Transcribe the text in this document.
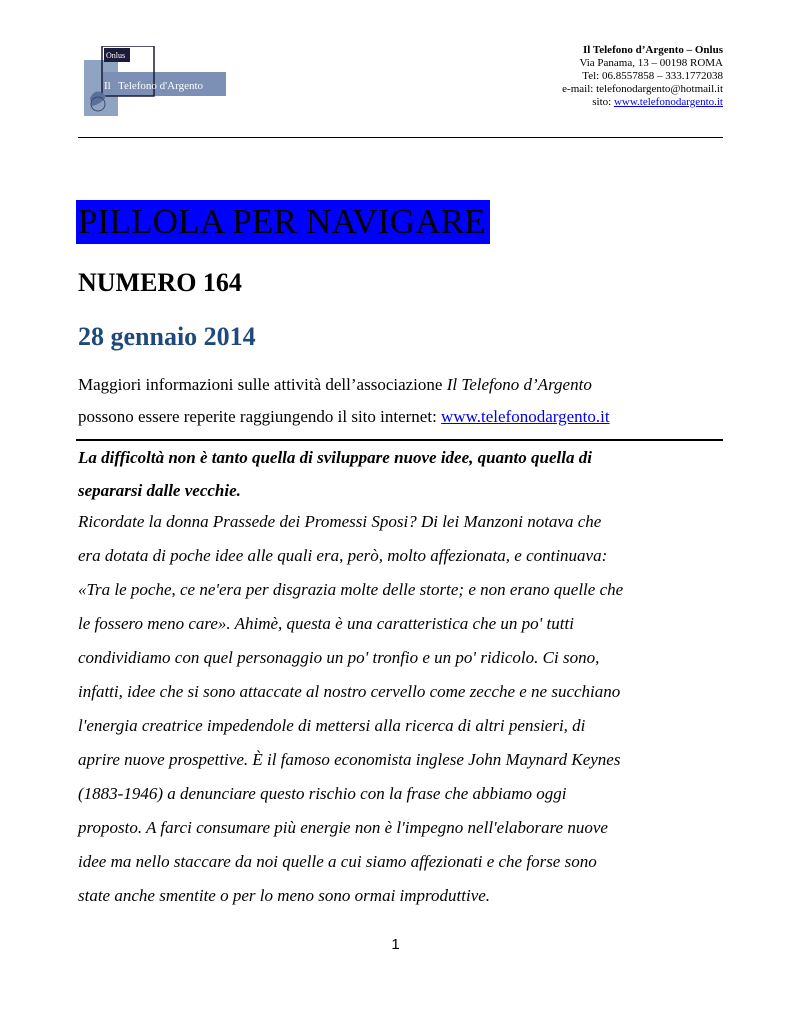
Onlus
Il Telefono d'Argento
Il Telefono d’Argento – Onlus
Via Panama, 13 – 00198 ROMA
Tel: 06.8557858 – 333.1772038
e-mail: telefonodargento@hotmail.it
sito: www.telefonodargento.it
PILLOLA PER NAVIGARE
NUMERO 164
28 gennaio 2014
Maggiori informazioni sulle attività dell’associazione Il Telefono d’Argento
possono essere reperite raggiungendo il sito internet: www.telefonodargento.it
La difficoltà non è tanto quella di sviluppare nuove idee, quanto quella di
separarsi dalle vecchie.
Ricordate la donna Prassede dei Promessi Sposi? Di lei Manzoni notava che
era dotata di poche idee alle quali era, però, molto affezionata, e continuava:
«Tra le poche, ce ne'era per disgrazia molte delle storte; e non erano quelle che
le fossero meno care». Ahimè, questa è una caratteristica che un po' tutti
condividiamo con quel personaggio un po' tronfio e un po' ridicolo. Ci sono,
infatti, idee che si sono attaccate al nostro cervello come zecche e ne succhiano
l'energia creatrice impedendole di mettersi alla ricerca di altri pensieri, di
aprire nuove prospettive. È il famoso economista inglese John Maynard Keynes
(1883-1946) a denunciare questo rischio con la frase che abbiamo oggi
proposto. A farci consumare più energie non è l'impegno nell'elaborare nuove
idee ma nello staccare da noi quelle a cui siamo affezionati e che forse sono
state anche smentite o per lo meno sono ormai improduttive.
1
